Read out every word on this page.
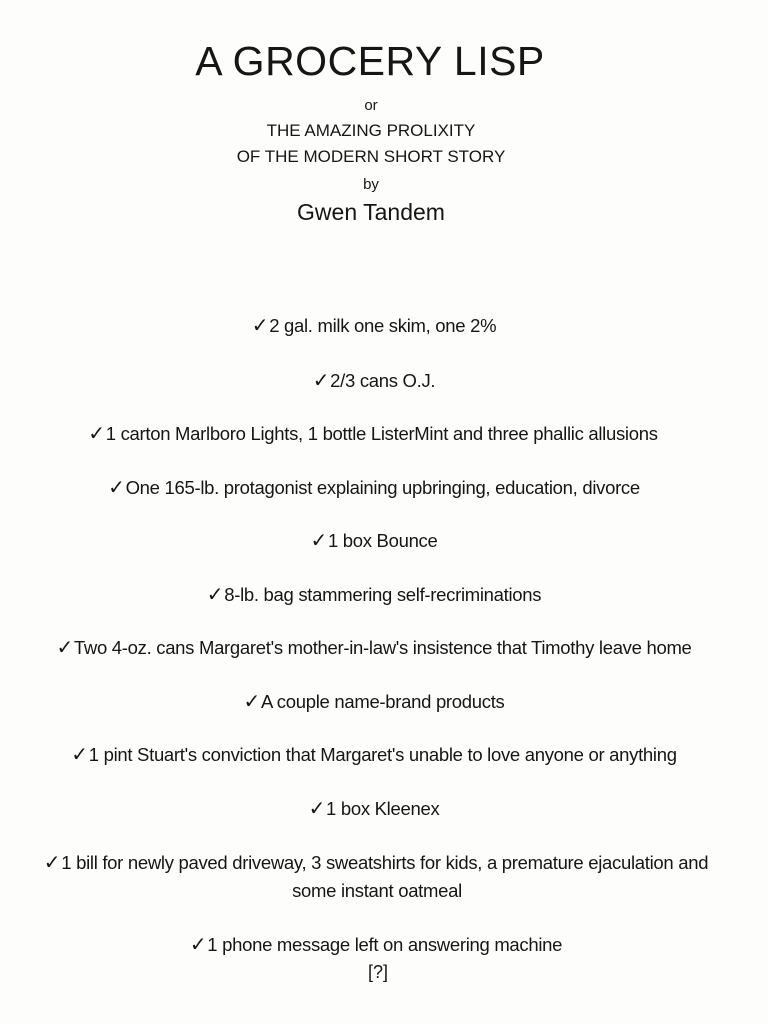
A GROCERY LISP
or
THE AMAZING PROLIXITY
OF THE MODERN SHORT STORY
by
Gwen Tandem
✓2 gal. milk one skim, one 2%
✓2/3 cans O.J.
✓1 carton Marlboro Lights, 1 bottle ListerMint and three phallic allusions
✓One 165-lb. protagonist explaining upbringing, education, divorce
✓1 box Bounce
✓8-lb. bag stammering self-recriminations
✓Two 4-oz. cans Margaret's mother-in-law's insistence that Timothy leave home
✓A couple name-brand products
✓1 pint Stuart's conviction that Margaret's unable to love anyone or anything
✓1 box Kleenex
✓1 bill for newly paved driveway, 3 sweatshirts for kids, a premature ejaculation and
some instant oatmeal
✓1 phone message left on answering machine
[?]
